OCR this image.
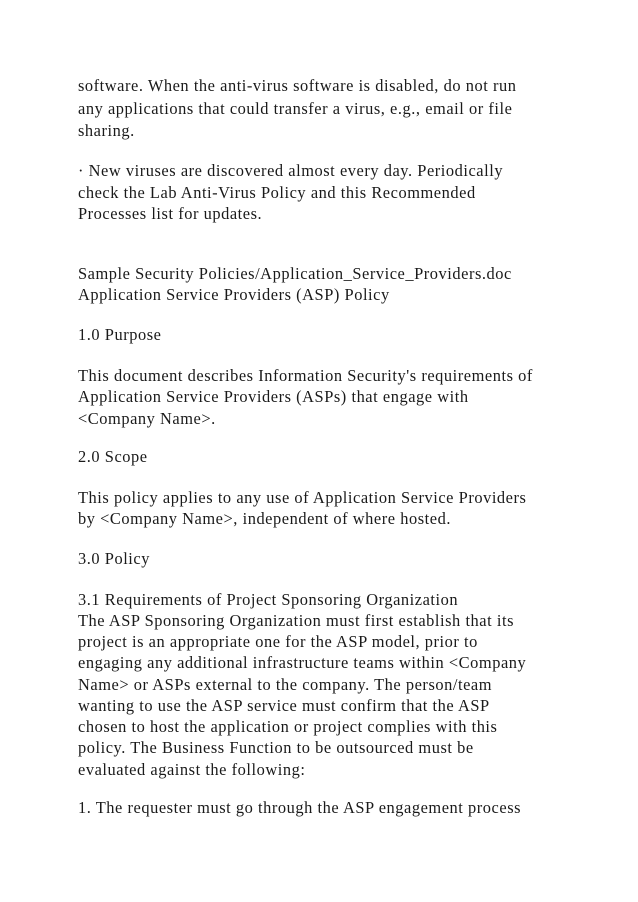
software. When the anti-virus software is disabled, do not run
any applications that could transfer a virus, e.g., email or file
sharing.
· New viruses are discovered almost every day. Periodically
check the Lab Anti-Virus Policy and this Recommended
Processes list for updates.
Sample Security Policies/Application_Service_Providers.doc
Application Service Providers (ASP) Policy
1.0 Purpose
This document describes Information Security's requirements of
Application Service Providers (ASPs) that engage with
<Company Name>.
2.0 Scope
This policy applies to any use of Application Service Providers
by <Company Name>, independent of where hosted.
3.0 Policy
3.1 Requirements of Project Sponsoring Organization
The ASP Sponsoring Organization must first establish that its
project is an appropriate one for the ASP model, prior to
engaging any additional infrastructure teams within <Company
Name> or ASPs external to the company. The person/team
wanting to use the ASP service must confirm that the ASP
chosen to host the application or project complies with this
policy. The Business Function to be outsourced must be
evaluated against the following:
1. The requester must go through the ASP engagement process
